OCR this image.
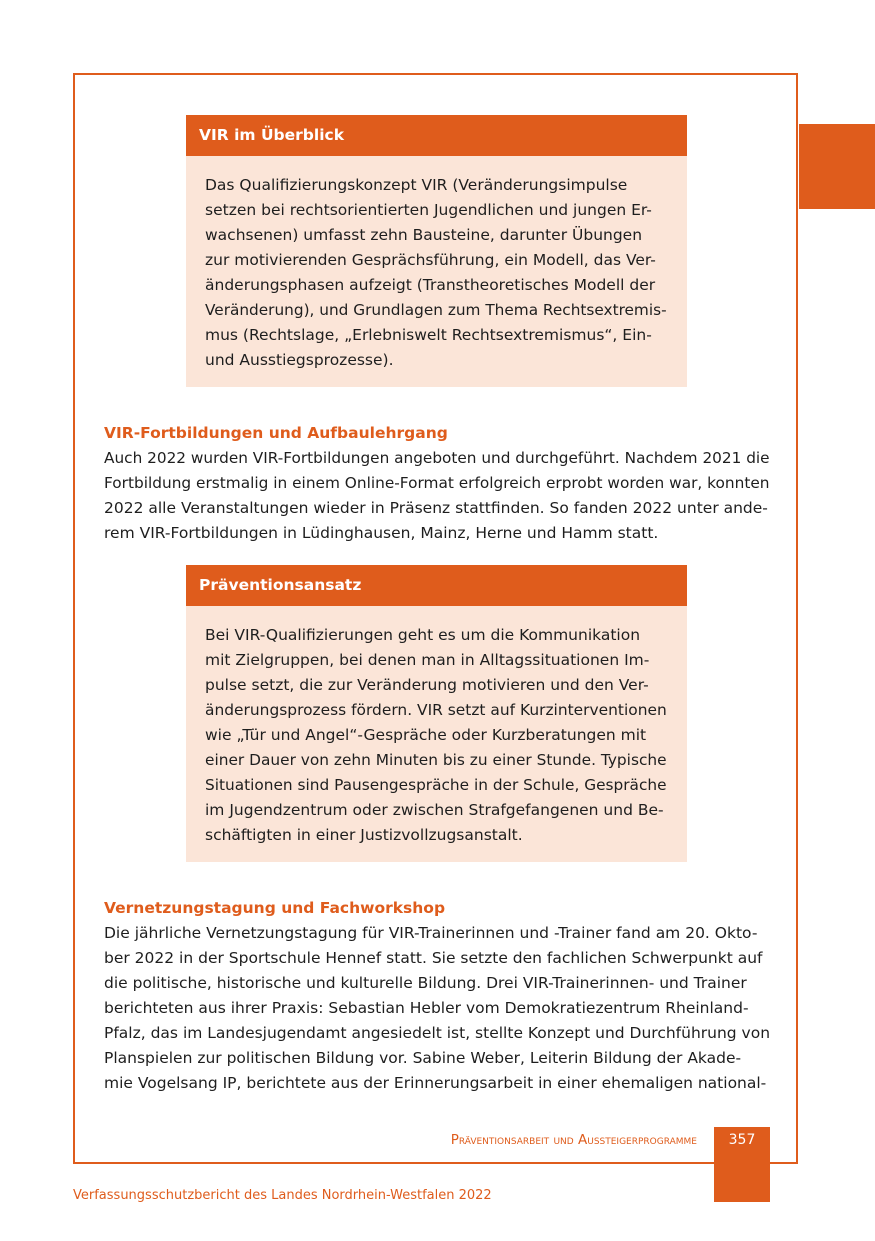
VIR im Überblick
Das Qualifizierungskonzept VIR (Veränderungsimpulse
setzen bei rechtsorientierten Jugendlichen und jungen Er-
wachsenen) umfasst zehn Bausteine, darunter Übungen
zur motivierenden Gesprächsführung, ein Modell, das Ver-
änderungsphasen aufzeigt (Transtheoretisches Modell der
Veränderung), und Grundlagen zum Thema Rechtsextremis-
mus (Rechtslage, „Erlebniswelt Rechtsextremismus“, Ein-
und Ausstiegsprozesse).
VIR-Fortbildungen und Aufbaulehrgang
Auch 2022 wurden VIR-Fortbildungen angeboten und durchgeführt. Nachdem 2021 die
Fortbildung erstmalig in einem Online-Format erfolgreich erprobt worden war, konnten
2022 alle Veranstaltungen wieder in Präsenz stattfinden. So fanden 2022 unter ande-
rem VIR-Fortbildungen in Lüdinghausen, Mainz, Herne und Hamm statt.
Präventionsansatz
Bei VIR-Qualifizierungen geht es um die Kommunikation
mit Zielgruppen, bei denen man in Alltagssituationen Im-
pulse setzt, die zur Veränderung motivieren und den Ver-
änderungsprozess fördern. VIR setzt auf Kurzinterventionen
wie „Tür und Angel“-Gespräche oder Kurzberatungen mit
einer Dauer von zehn Minuten bis zu einer Stunde. Typische
Situationen sind Pausengespräche in der Schule, Gespräche
im Jugendzentrum oder zwischen Strafgefangenen und Be-
schäftigten in einer Justizvollzugsanstalt.
Vernetzungstagung und Fachworkshop
Die jährliche Vernetzungstagung für VIR-Trainerinnen und -Trainer fand am 20. Okto-
ber 2022 in der Sportschule Hennef statt. Sie setzte den fachlichen Schwerpunkt auf
die politische, historische und kulturelle Bildung. Drei VIR-Trainerinnen- und Trainer
berichteten aus ihrer Praxis: Sebastian Hebler vom Demokratiezentrum Rheinland-
Pfalz, das im Landesjugendamt angesiedelt ist, stellte Konzept und Durchführung von
Planspielen zur politischen Bildung vor. Sabine Weber, Leiterin Bildung der Akade-
mie Vogelsang IP, berichtete aus der Erinnerungsarbeit in einer ehemaligen national-
Präventionsarbeit und Aussteigerprogramme	357
Verfassungsschutzbericht des Landes Nordrhein-Westfalen 2022
